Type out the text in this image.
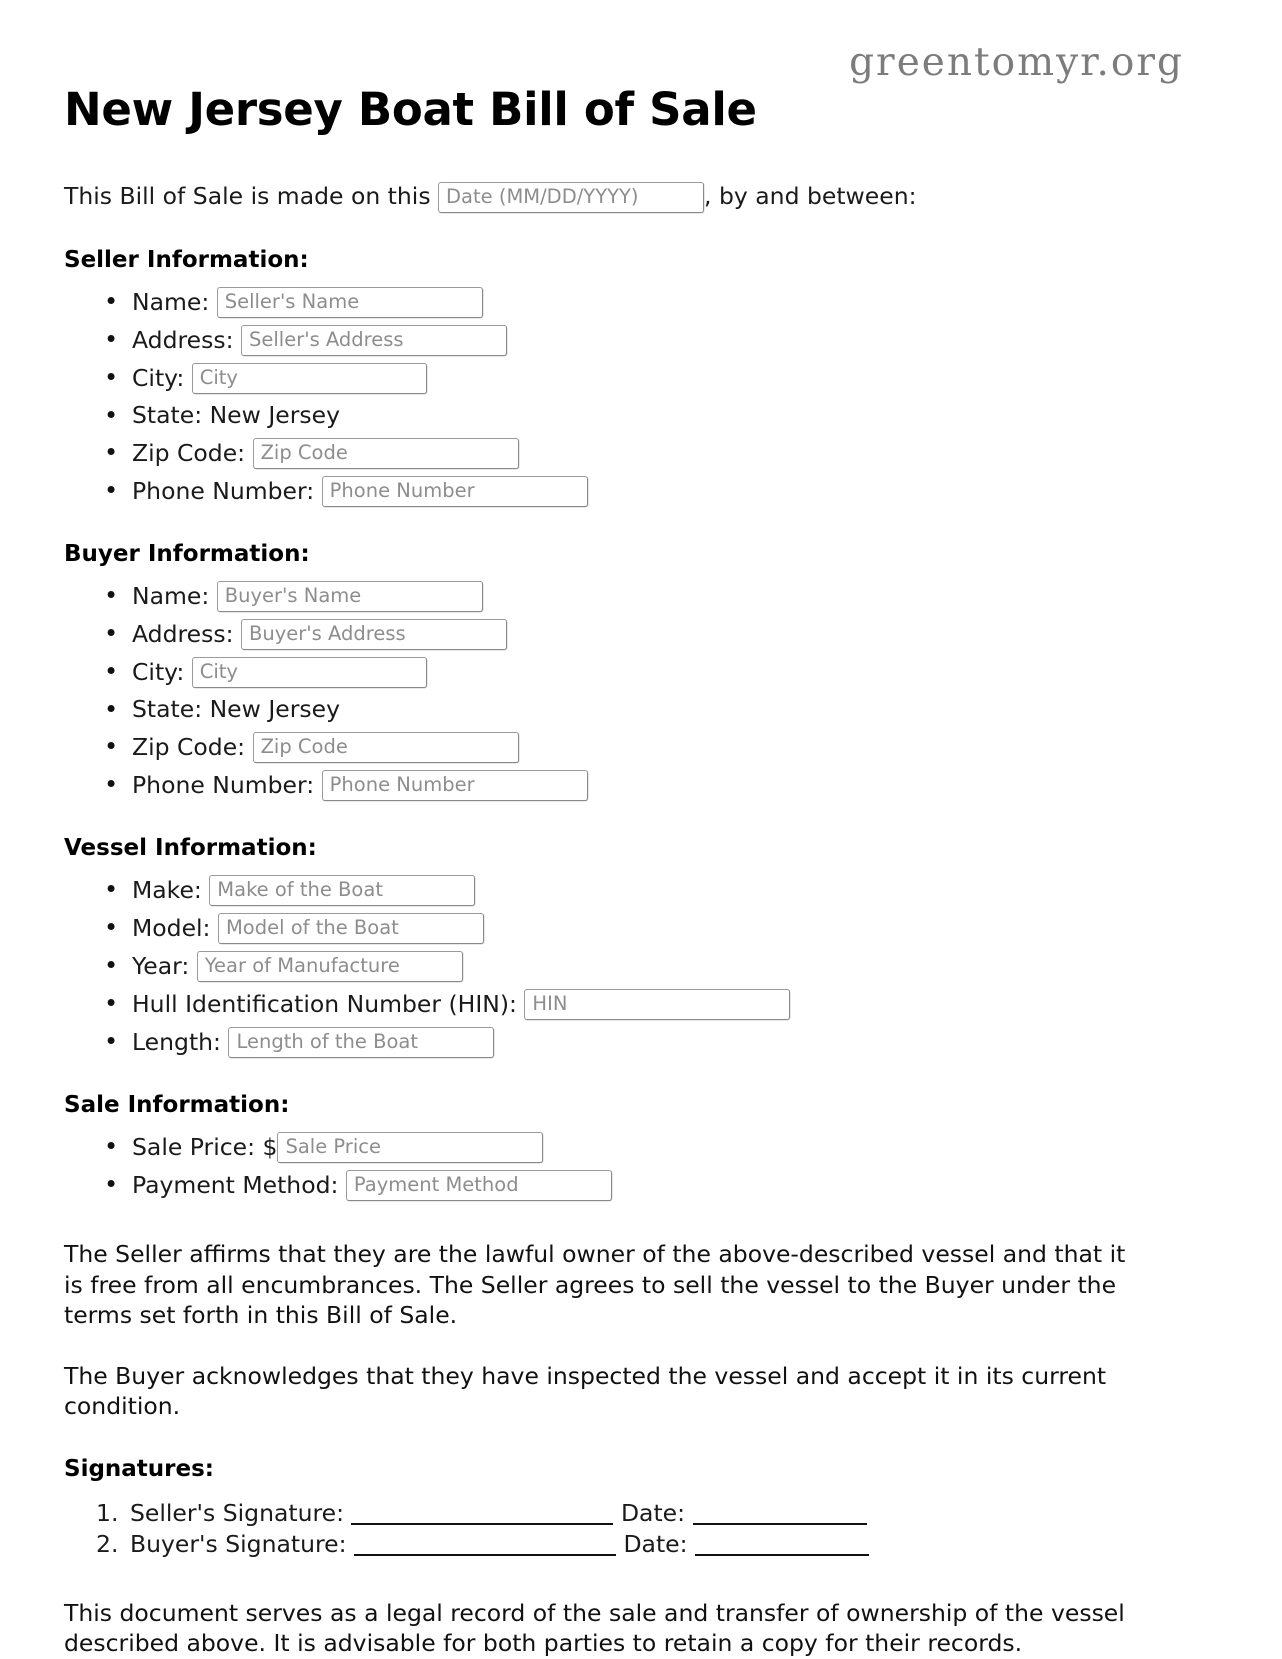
greentomyr.org
New Jersey Boat Bill of Sale
This Bill of Sale is made on this
Date (MM/DD/YYYY)	, by and between:
Seller Information:
• Name:
Seller's Name
• Address:
Seller's Address
• City:
City
• State: New Jersey
• Zip Code:
Zip Code
• Phone Number:
Phone Number
Buyer Information:
• Name:
Buyer's Name
• Address:
Buyer's Address
• City:
City
• State: New Jersey
• Zip Code:
Zip Code
• Phone Number:
Phone Number
Vessel Information:
• Make:
Make of the Boat
• Model:
Model of the Boat
• Year:
Year of Manufacture
• Hull Identification Number (HIN):
HIN
• Length:
Length of the Boat
Sale Information:
• Sale Price: $
Sale Price
• Payment Method:
Payment Method

The Seller affirms that they are the lawful owner of the above-described vessel and that it is free from all encumbrances. The Seller agrees to sell the vessel to the Buyer under the terms set forth in this Bill of Sale.

The Buyer acknowledges that they have inspected the vessel and accept it in its current condition.

Signatures:
Seller's Signature:	Date:
Buyer's Signature:	Date:

This document serves as a legal record of the sale and transfer of ownership of the vessel described above. It is advisable for both parties to retain a copy for their records.
